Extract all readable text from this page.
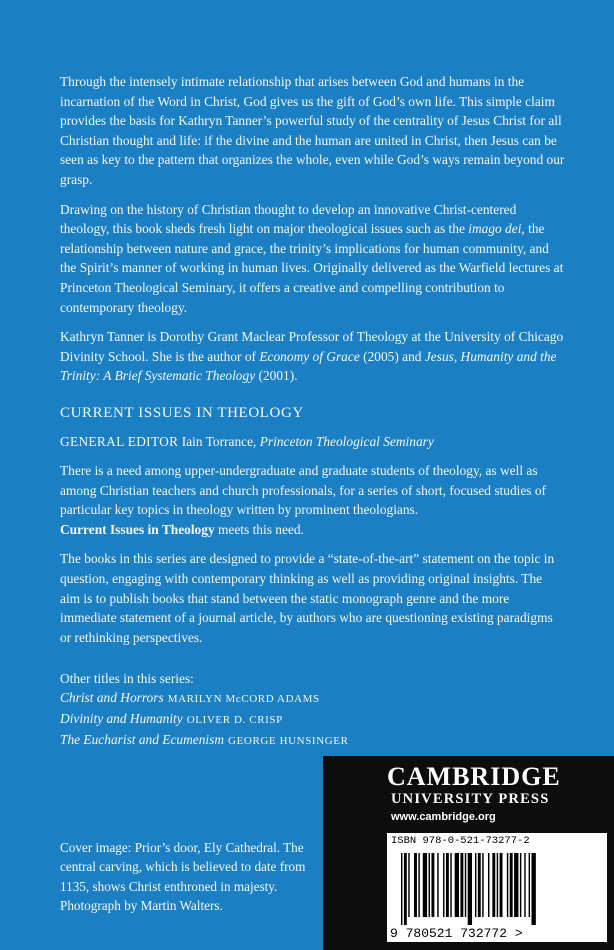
Through the intensely intimate relationship that arises between God and humans in the incarnation of the Word in Christ, God gives us the gift of God’s own life. This simple claim provides the basis for Kathryn Tanner’s powerful study of the centrality of Jesus Christ for all Christian thought and life: if the divine and the human are united in Christ, then Jesus can be seen as key to the pattern that organizes the whole, even while God’s ways remain beyond our grasp.

Drawing on the history of Christian thought to develop an innovative Christ-centered theology, this book sheds fresh light on major theological issues such as the imago dei, the relationship between nature and grace, the trinity’s implications for human community, and the Spirit’s manner of working in human lives. Originally delivered as the Warfield lectures at Princeton Theological Seminary, it offers a creative and compelling contribution to contemporary theology.

Kathryn Tanner is Dorothy Grant Maclear Professor of Theology at the University of Chicago Divinity School. She is the author of Economy of Grace (2005) and Jesus, Humanity and the Trinity: A Brief Systematic Theology (2001).

CURRENT ISSUES IN THEOLOGY

GENERAL EDITOR Iain Torrance, Princeton Theological Seminary

There is a need among upper-undergraduate and graduate students of theology, as well as among Christian teachers and church professionals, for a series of short, focused studies of particular key topics in theology written by prominent theologians.
Current Issues in Theology meets this need.

The books in this series are designed to provide a “state-of-the-art” statement on the topic in question, engaging with contemporary thinking as well as providing original insights. The aim is to publish books that stand between the static monograph genre and the more immediate statement of a journal article, by authors who are questioning existing paradigms or rethinking perspectives.

Other titles in this series:
Christ and Horrors MARILYN McCORD ADAMS
Divinity and Humanity OLIVER D. CRISP
The Eucharist and Ecumenism GEORGE HUNSINGER
Cover image: Prior’s door, Ely Cathedral. The central carving, which is believed to date from 1135, shows Christ enthroned in majesty. Photograph by Martin Walters.
CAMBRIDGE
UNIVERSITY PRESS
www.cambridge.org
ISBN 978-0-521-73277-2
9 780521 732772 >
